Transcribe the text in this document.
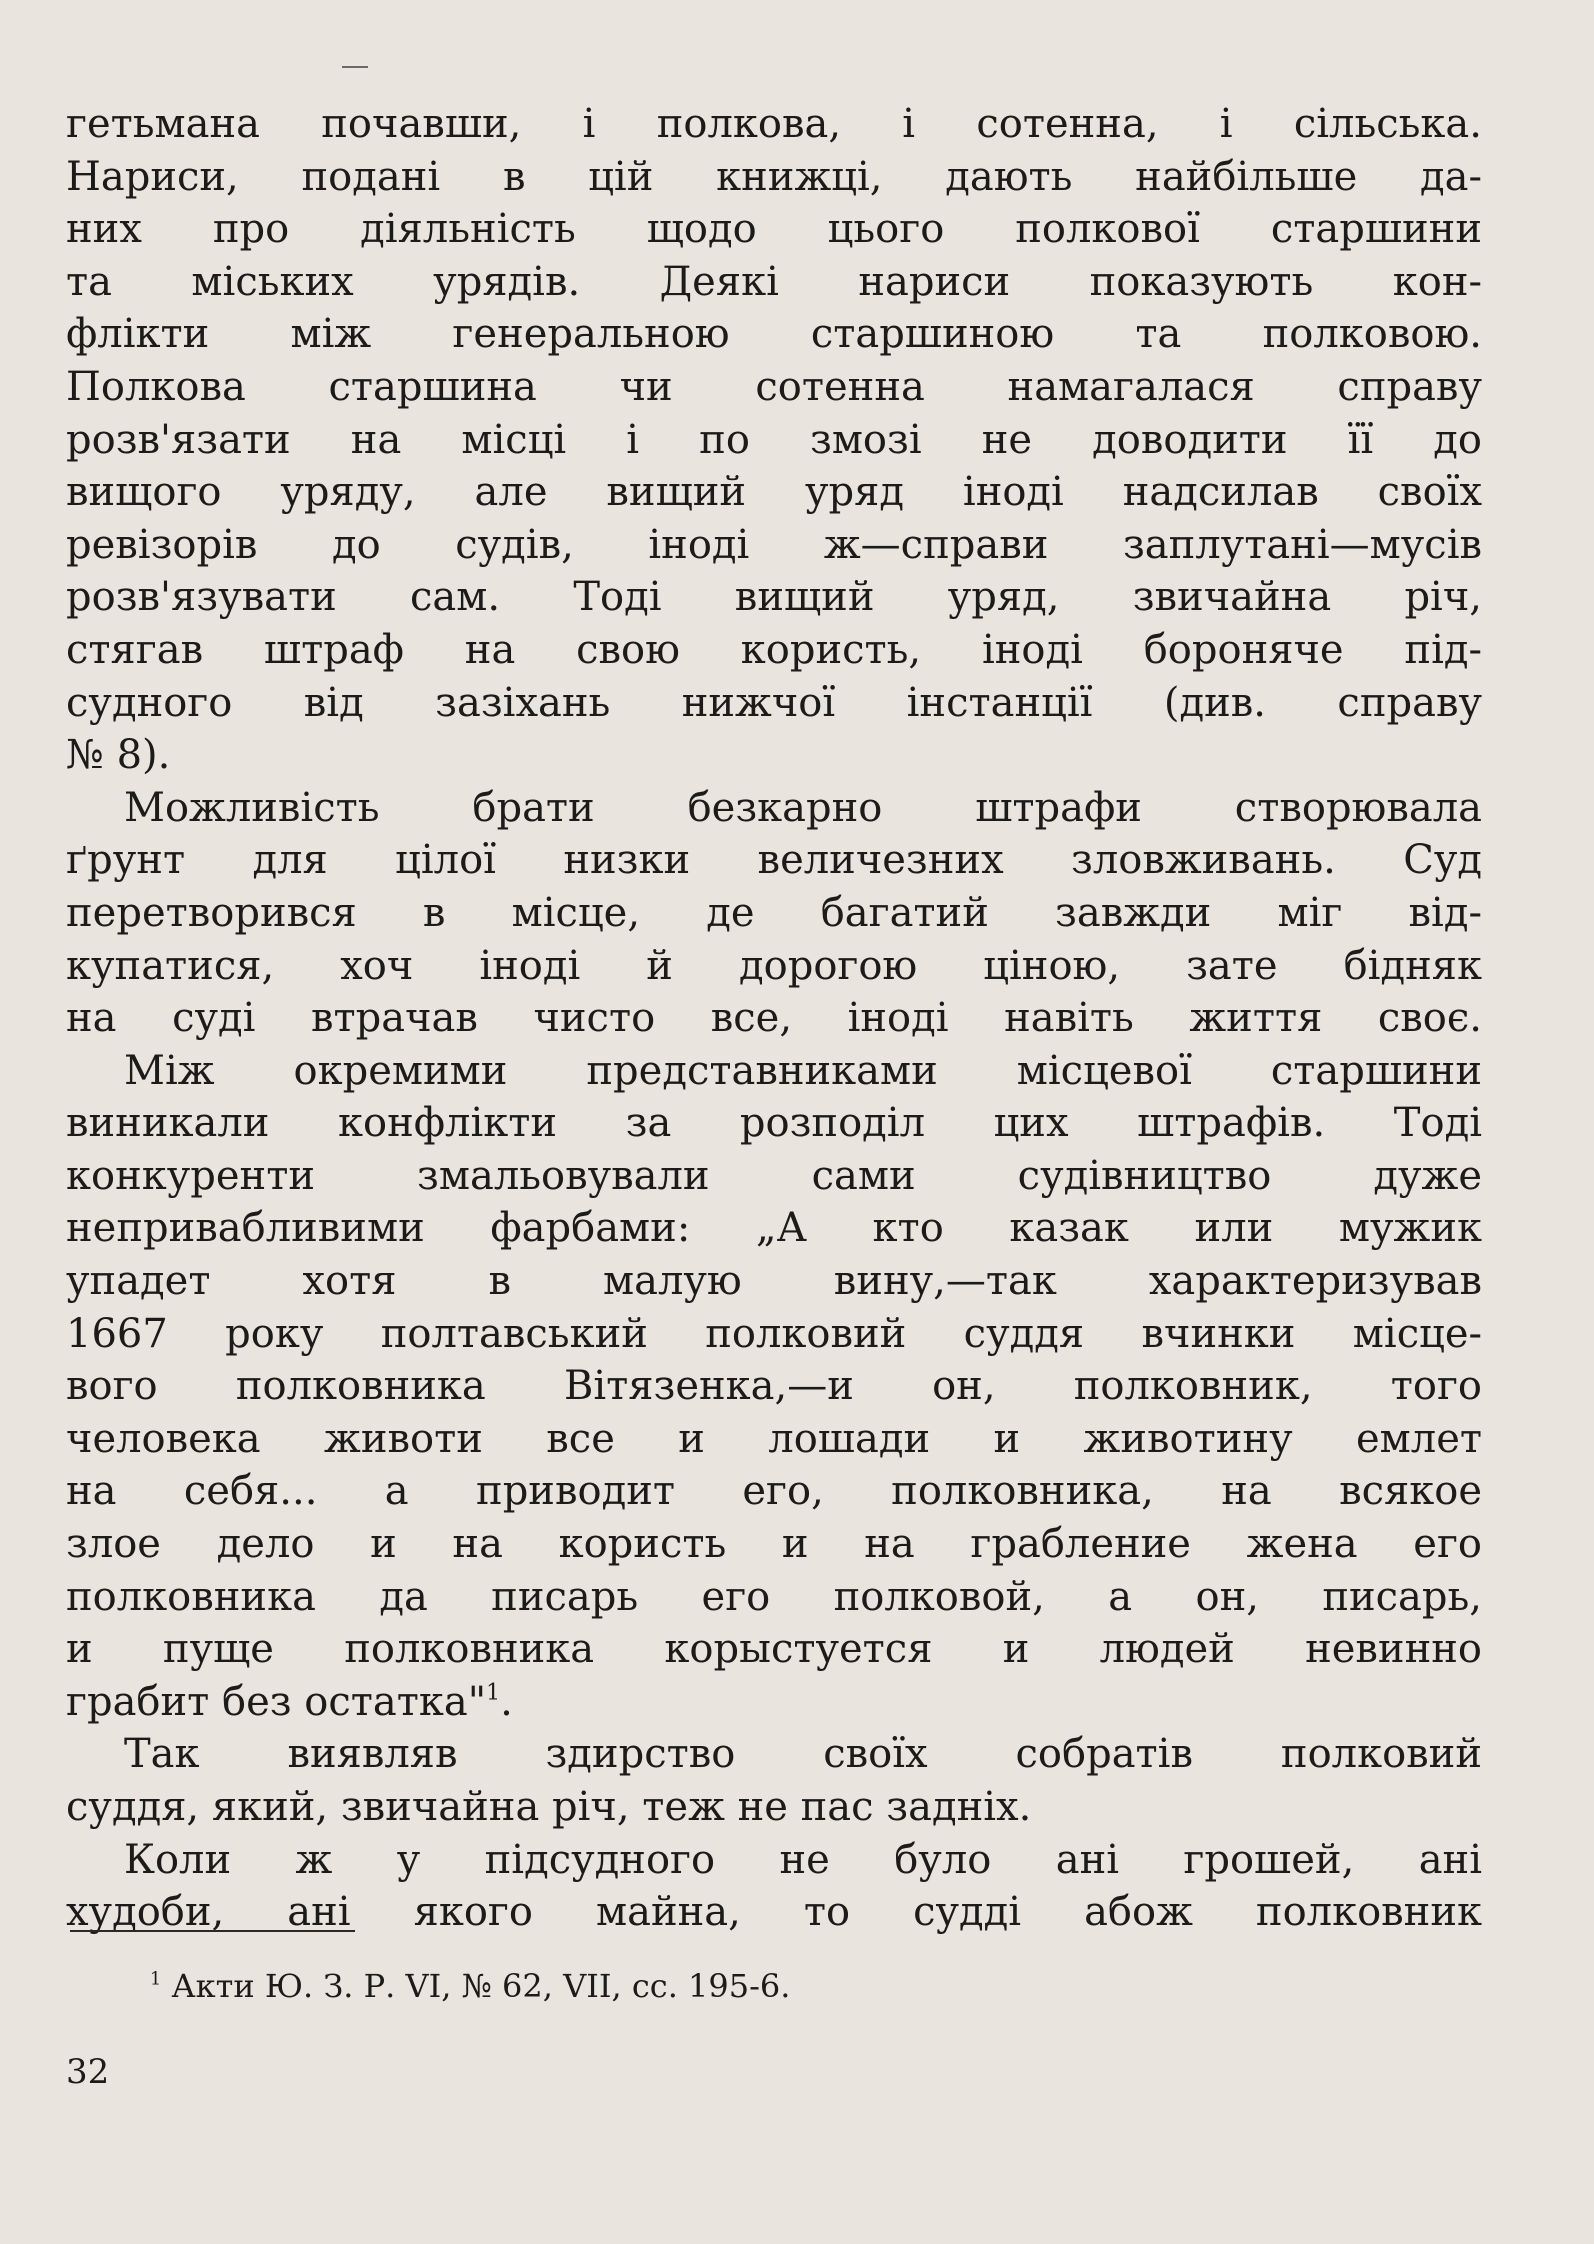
гетьмана почавши, і полкова, і сотенна, і сільська.
Нариси, подані в цій книжці, дають найбільше да-
них про діяльність щодо цього полкової старшини
та міських урядів. Деякі нариси показують кон-
флікти між генеральною старшиною та полковою.
Полкова старшина чи сотенна намагалася справу
розв'язати на місці і по змозі не доводити її до
вищого уряду, але вищий уряд іноді надсилав своїх
ревізорів до судів, іноді ж—справи заплутані—мусів
розв'язувати сам. Тоді вищий уряд, звичайна річ,
стягав штраф на свою користь, іноді бороняче під-
судного від зазіхань нижчої інстанції (див. справу
№ 8).
Можливість брати безкарно штрафи створювала
ґрунт для цілої низки величезних зловживань. Суд
перетворився в місце, де багатий завжди міг від-
купатися, хоч іноді й дорогою ціною, зате бідняк
на суді втрачав чисто все, іноді навіть життя своє.
Між окремими представниками місцевої старшини
виникали конфлікти за розподіл цих штрафів. Тоді
конкуренти змальовували сами судівництво дуже
непривабливими фарбами: „А кто казак или мужик
упадет хотя в малую вину,—так характеризував
1667 року полтавський полковий суддя вчинки місце-
вого полковника Вітязенка,—и он, полковник, того
человека животи все и лошади и животину емлет
на себя... а приводит его, полковника, на всякое
злое дело и на користь и на грабление жена его
полковника да писарь его полковой, а он, писарь,
и пуще полковника корыстуется и людей невинно
грабит без остатка"$^1$.
Так виявляв здирство своїх собратів полковий
суддя, який, звичайна річ, теж не пас задніх.
Коли ж у підсудного не було ані грошей, ані
худоби, ані якого майна, то судді абож полковник
$^1$ Акти Ю. З. Р. VI, № 62, VII, сс. 195-6.
32
